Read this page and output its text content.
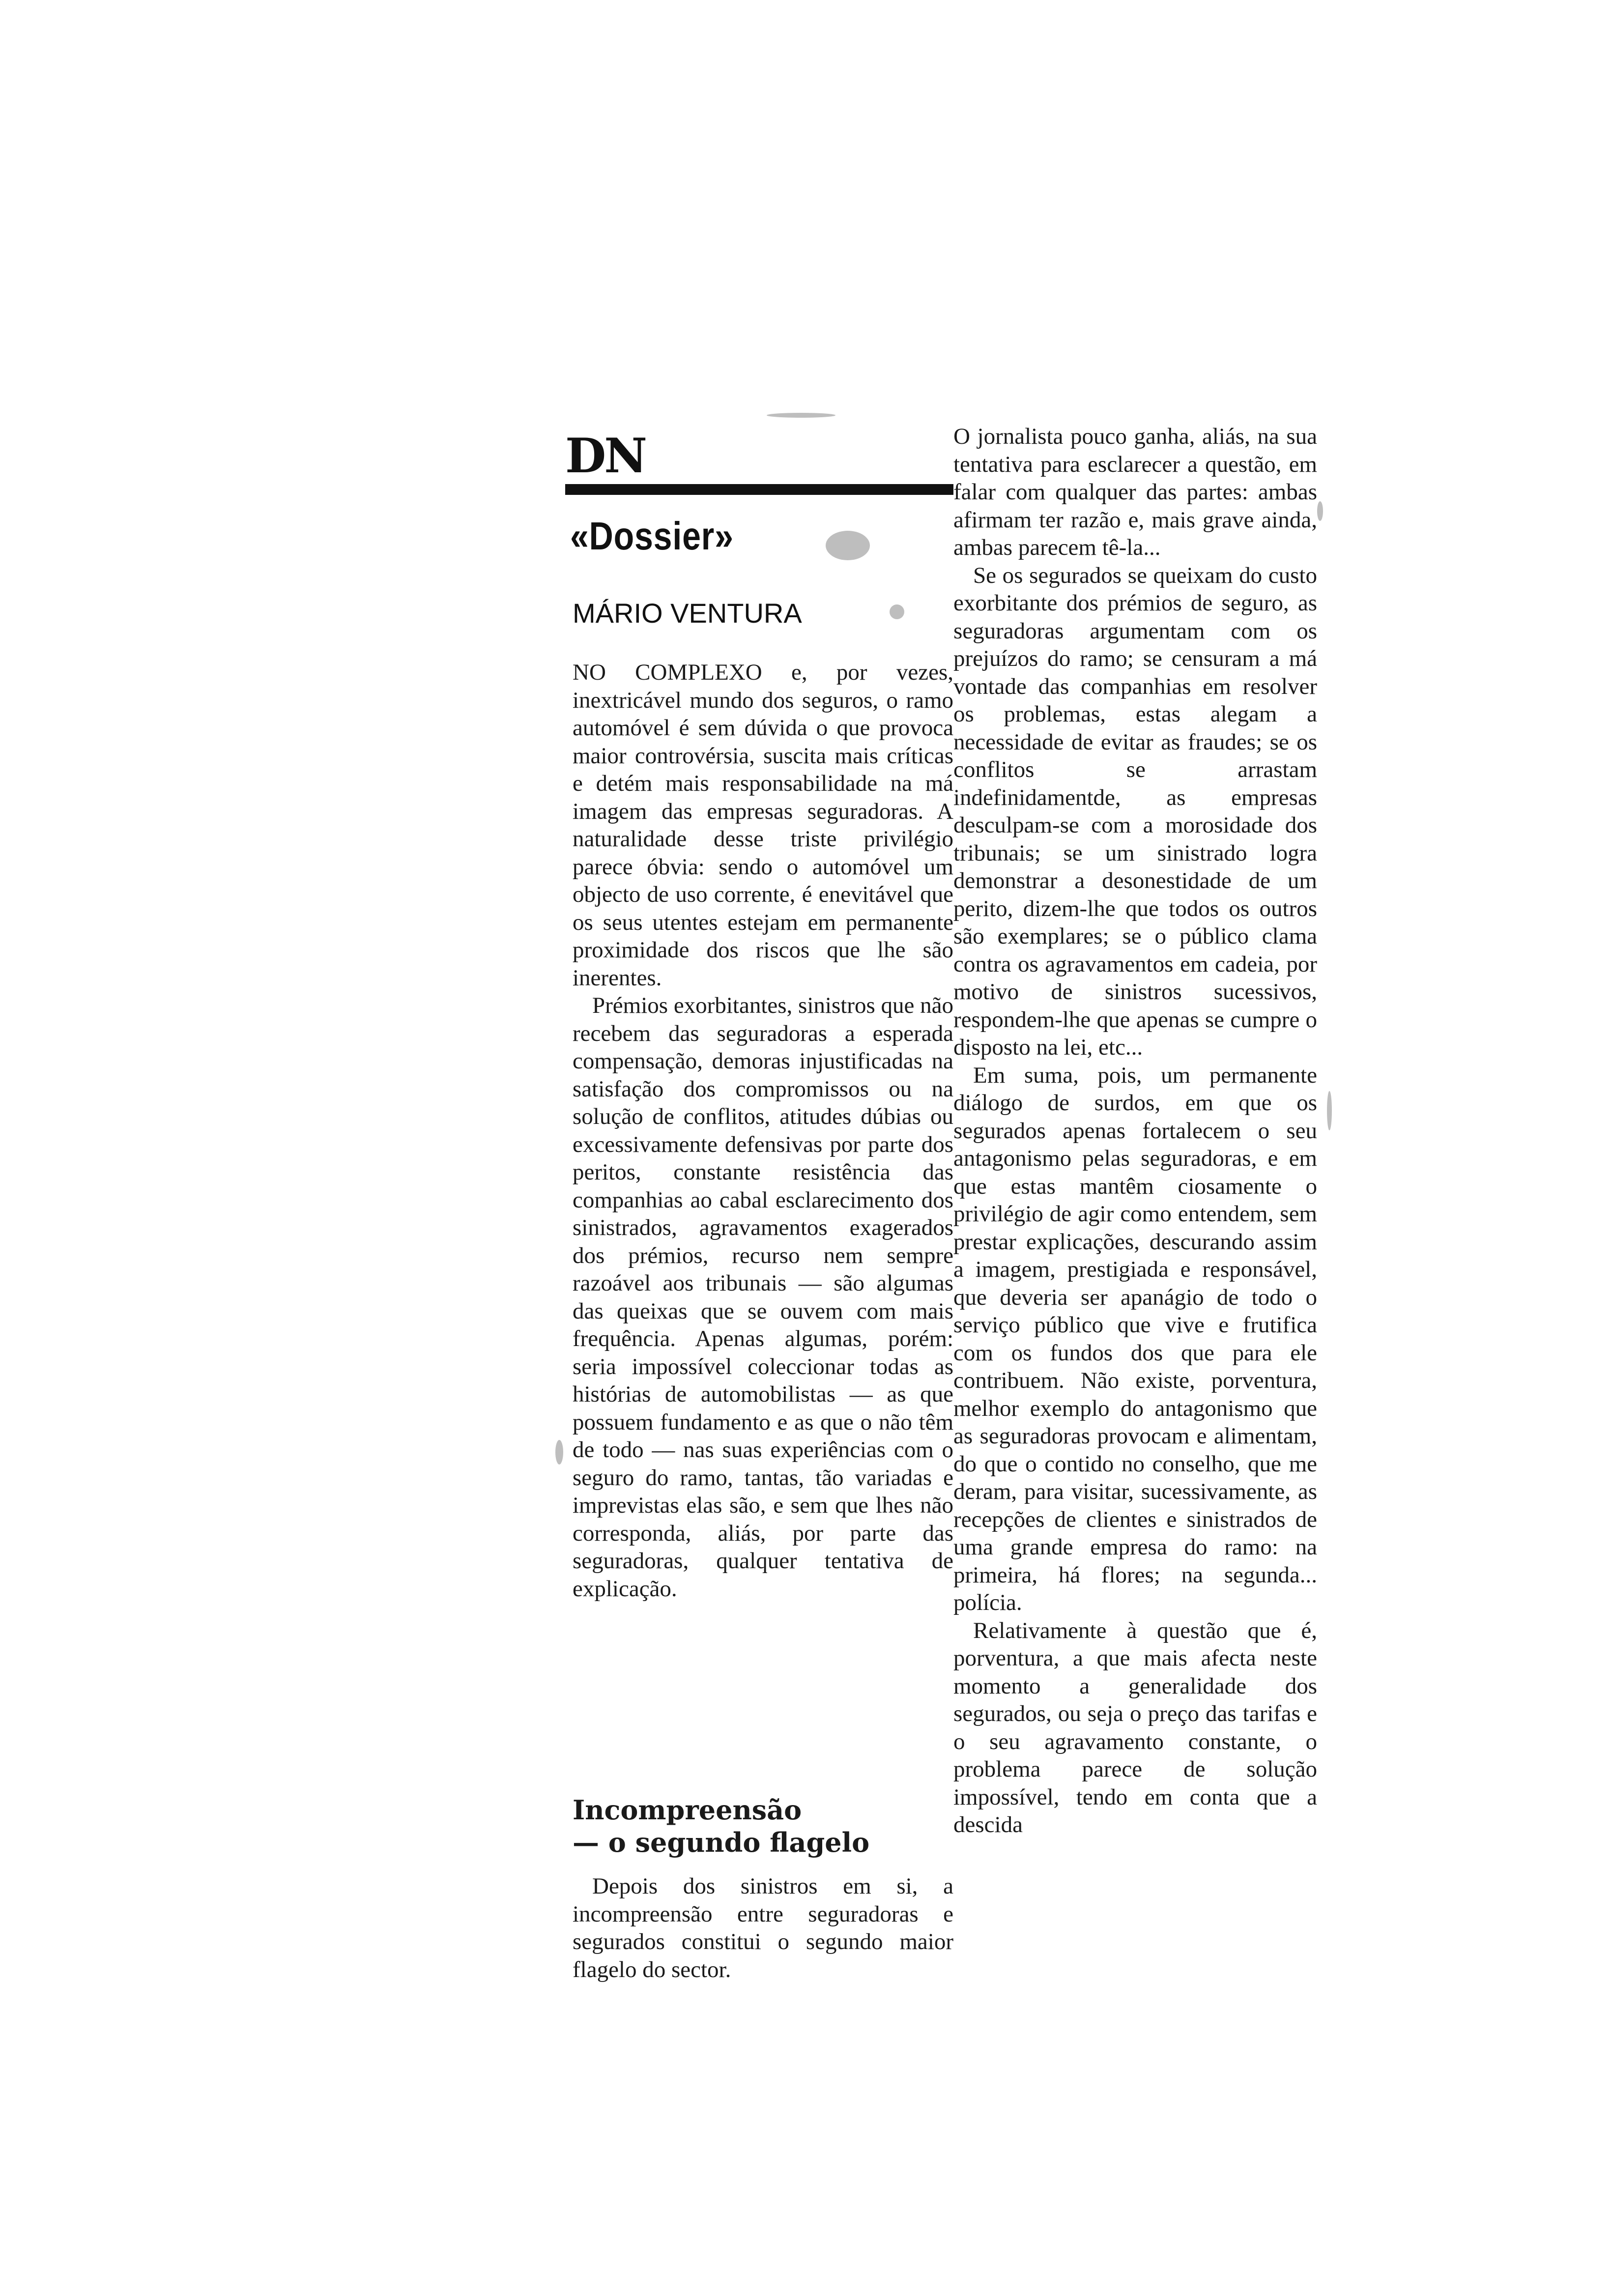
DN
«Dossier»
MÁRIO VENTURA

NO COMPLEXO e, por vezes, inextricável mundo dos seguros, o ramo automóvel é sem dúvida o que provoca maior controvérsia, suscita mais críticas e detém mais responsabilidade na má imagem das empresas seguradoras. A naturalidade desse triste privilégio parece óbvia: sendo o automóvel um objecto de uso corrente, é enevitável que os seus utentes estejam em permanente proximidade dos riscos que lhe são inerentes.

Prémios exorbitantes, sinistros que não recebem das seguradoras a esperada compensação, demoras injustificadas na satisfação dos compromissos ou na solução de conflitos, atitudes dúbias ou excessivamente defensivas por parte dos peritos, constante resistência das companhias ao cabal esclarecimento dos sinistrados, agravamentos exagerados dos prémios, recurso nem sempre razoável aos tribunais — são algumas das queixas que se ouvem com mais frequência. Apenas algumas, porém: seria impossível coleccionar todas as histórias de automobilistas — as que possuem fundamento e as que o não têm de todo — nas suas experiências com o seguro do ramo, tantas, tão variadas e imprevistas elas são, e sem que lhes não corresponda, aliás, por parte das seguradoras, qualquer tentativa de explicação.

Incompreensão
— o segundo flagelo

Depois dos sinistros em si, a incompreensão entre seguradoras e segurados constitui o segundo maior flagelo do sector.

O jornalista pouco ganha, aliás, na sua tentativa para esclarecer a questão, em falar com qualquer das partes: ambas afirmam ter razão e, mais grave ainda, ambas parecem tê-la...

Se os segurados se queixam do custo exorbitante dos prémios de seguro, as seguradoras argumentam com os prejuízos do ramo; se censuram a má vontade das companhias em resolver os problemas, estas alegam a necessidade de evitar as fraudes; se os conflitos se arrastam indefinidamentde, as empresas desculpam-se com a morosidade dos tribunais; se um sinistrado logra demonstrar a desonestidade de um perito, dizem-lhe que todos os outros são exemplares; se o público clama contra os agravamentos em cadeia, por motivo de sinistros sucessivos, respondem-lhe que apenas se cumpre o disposto na lei, etc...

Em suma, pois, um permanente diálogo de surdos, em que os segurados apenas fortalecem o seu antagonismo pelas seguradoras, e em que estas mantêm ciosamente o privilégio de agir como entendem, sem prestar explicações, descurando assim a imagem, prestigiada e responsável, que deveria ser apanágio de todo o serviço público que vive e frutifica com os fundos dos que para ele contribuem. Não existe, porventura, melhor exemplo do antagonismo que as seguradoras provocam e alimentam, do que o contido no conselho, que me deram, para visitar, sucessivamente, as recepções de clientes e sinistrados de uma grande empresa do ramo: na primeira, há flores; na segunda... polícia.

Relativamente à questão que é, porventura, a que mais afecta neste momento a generalidade dos segurados, ou seja o preço das tarifas e o seu agravamento constante, o problema parece de solução impossível, tendo em conta que a descida
